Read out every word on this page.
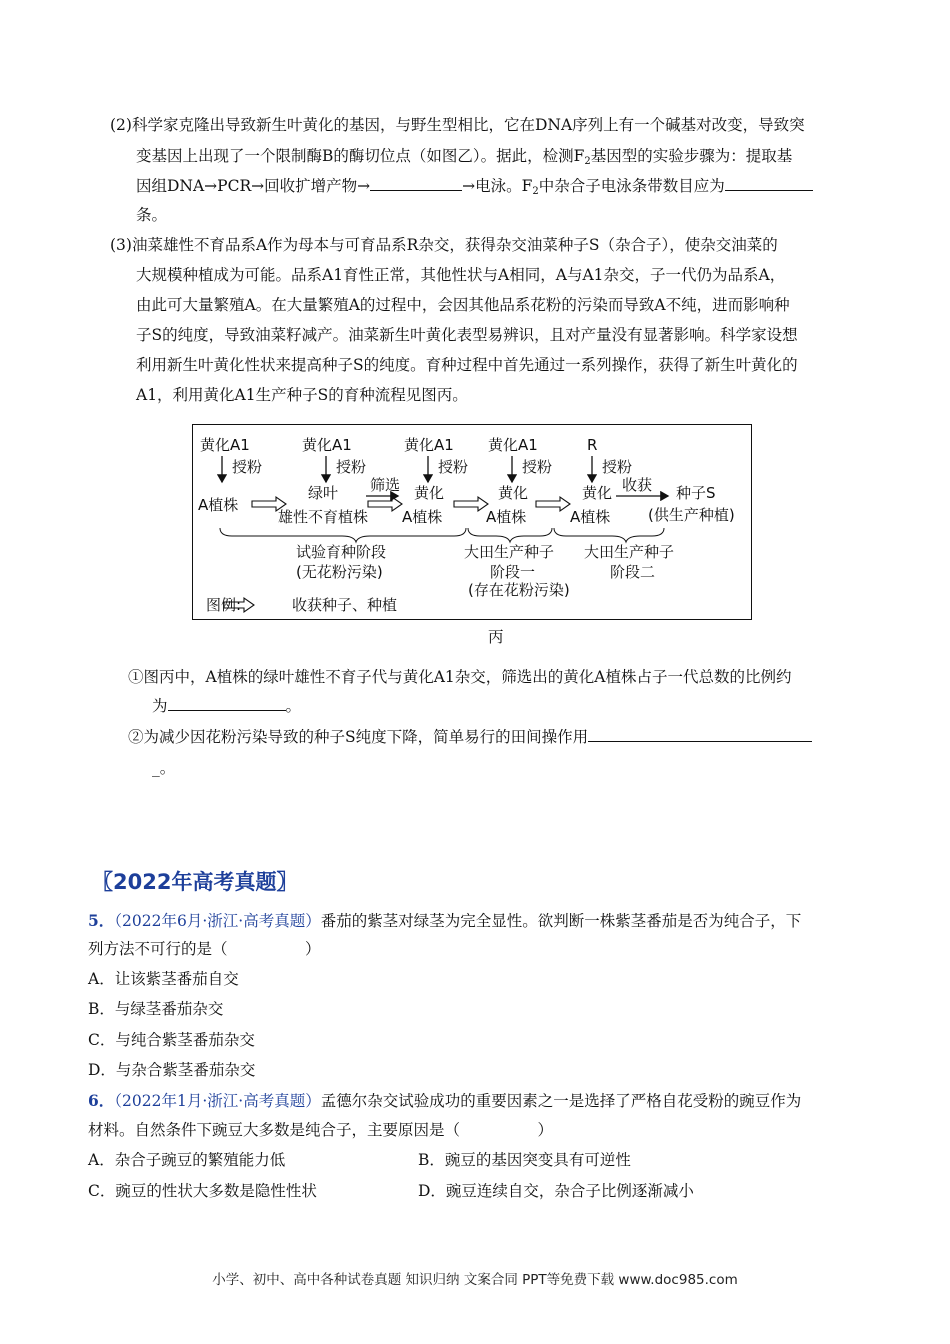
(2)科学家克隆出导致新生叶黄化的基因，与野生型相比，它在DNA序列上有一个碱基对改变，导致突
变基因上出现了一个限制酶B的酶切位点（如图乙）。据此，检测$F_2$基因型的实验步骤为：提取基
因组DNA→PCR→回收扩增产物→	→电泳。$F_2$中杂合子电泳条带数目应为
条。
(3)油菜雄性不育品系A作为母本与可育品系R杂交，获得杂交油菜种子S（杂合子），使杂交油菜的
大规模种植成为可能。品系A1育性正常，其他性状与A相同，A与A1杂交，子一代仍为品系A，
由此可大量繁殖A。在大量繁殖A的过程中，会因其他品系花粉的污染而导致A不纯，进而影响种
子S的纯度，导致油菜籽减产。油菜新生叶黄化表型易辨识，且对产量没有显著影响。科学家设想
利用新生叶黄化性状来提高种子S的纯度。育种过程中首先通过一系列操作，获得了新生叶黄化的
A1，利用黄化A1生产种子S的育种流程见图丙。
黄化A1	黄化A1	黄化A1 黄化A1	R
授粉	授粉	授粉	授粉	授粉
A植株
绿叶
雄性不育植株
黄化
A植株
黄化
A植株
黄化
A植株
种子S
(供生产种植)
筛选	收获
试验育种阶段
(无花粉污染)
大田生产种子
阶段一
(存在花粉污染)
大田生产种子
阶段二
图例:	收获种子、种植
丙
①图丙中，A植株的绿叶雄性不育子代与黄化A1杂交，筛选出的黄化A植株占子一代总数的比例约
为	。
②为减少因花粉污染导致的种子S纯度下降，简单易行的田间操作用
_。
〖2022年高考真题〗
5．（2022年6月·浙江·高考真题）番茄的紫茎对绿茎为完全显性。欲判断一株紫茎番茄是否为纯合子，下
列方法不可行的是（　　　　　）
A．让该紫茎番茄自交
B．与绿茎番茄杂交
C．与纯合紫茎番茄杂交
D．与杂合紫茎番茄杂交
6．（2022年1月·浙江·高考真题）孟德尔杂交试验成功的重要因素之一是选择了严格自花受粉的豌豆作为
材料。自然条件下豌豆大多数是纯合子，主要原因是（　　　　　）
A．杂合子豌豆的繁殖能力低	B．豌豆的基因突变具有可逆性
C．豌豆的性状大多数是隐性性状	D．豌豆连续自交，杂合子比例逐渐减小
小学、初中、高中各种试卷真题 知识归纳 文案合同 PPT等免费下载 www.doc985.com
